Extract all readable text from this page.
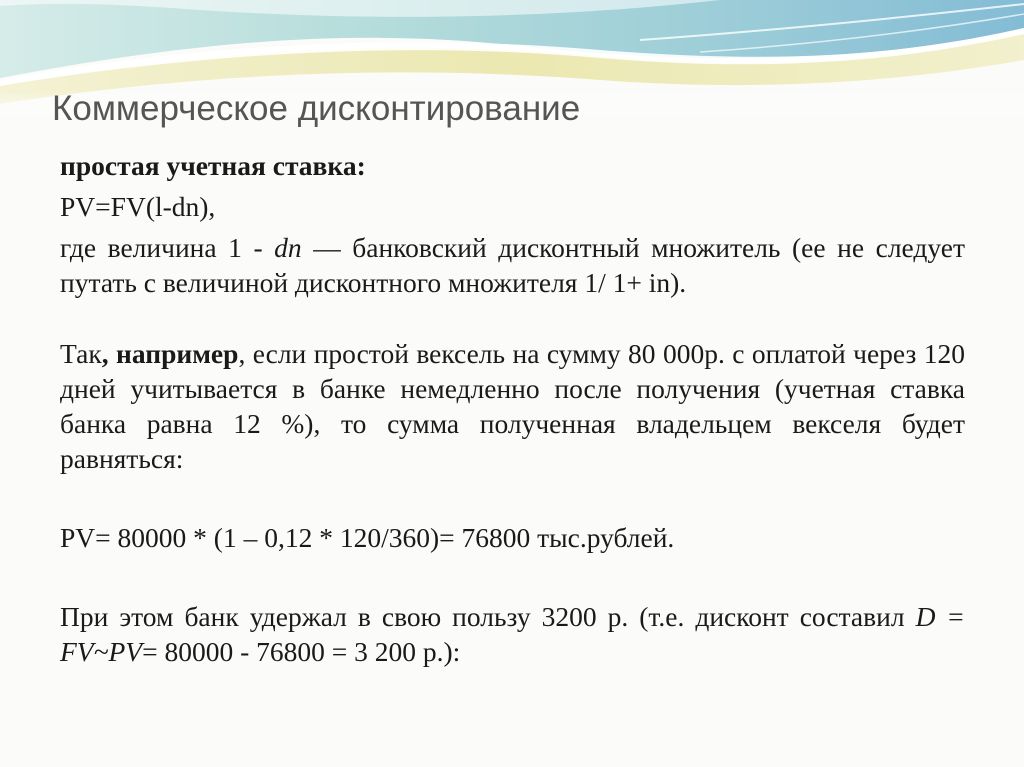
Коммерческое дисконтирование

простая учетная ставка:

PV=FV(l-dn),

где величина 1 - dn — банковский дисконтный множитель (ее не следует путать с величиной дисконтного множителя 1/ 1+ in).

Так, например, если простой вексель на сумму 80 000р. с оплатой через 120 дней учитывается в банке немедленно после получения (учетная ставка банка равна 12 %), то сумма полученная владельцем векселя будет равняться:

PV= 80000 * (1 – 0,12 * 120/360)= 76800 тыс.рублей.

При этом банк удержал в свою пользу 3200 р. (т.е. дисконт составил D = FV~PV= 80000 - 76800 = 3 200 р.):
